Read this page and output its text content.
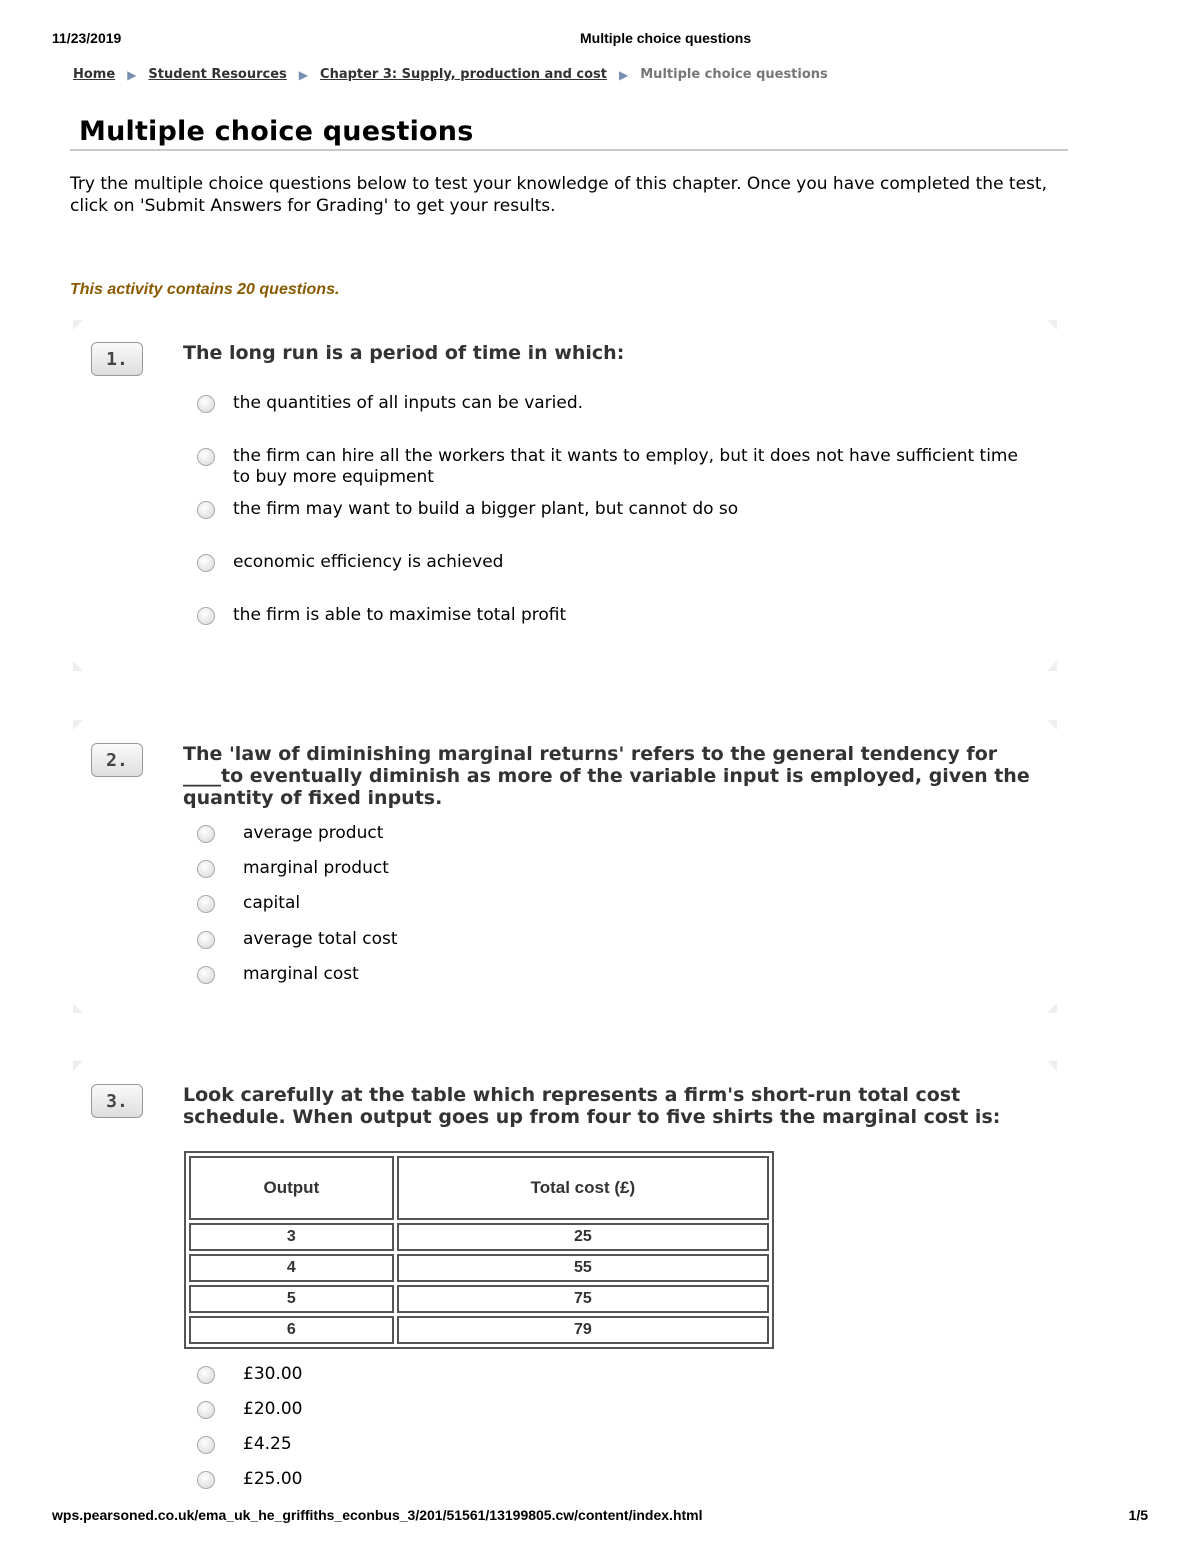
11/23/2019	Multiple choice questions
Home ▶ Student Resources ▶ Chapter 3: Supply, production and cost ▶ Multiple choice questions
Multiple choice questions

Try the multiple choice questions below to test your knowledge of this chapter. Once you have completed the test, click on 'Submit Answers for Grading' to get your results.

This activity contains 20 questions.
1.	The long run is a period of time in which:

the quantities of all inputs can be varied.
the firm can hire all the workers that it wants to employ, but it does not have sufficient time to buy more equipment
the firm may want to build a bigger plant, but cannot do so
economic efficiency is achieved
the firm is able to maximise total profit
2.	The 'law of diminishing marginal returns' refers to the general tendency for ____to eventually diminish as more of the variable input is employed, given the quantity of fixed inputs.

average product
marginal product
capital
average total cost
marginal cost
3.	Look carefully at the table which represents a firm's short-run total cost schedule. When output goes up from four to five shirts the marginal cost is:

Output	Total cost (£)
3	25
4	55
5	75
6	79
£30.00
£20.00
£4.25
£25.00
wps.pearsoned.co.uk/ema_uk_he_griffiths_econbus_3/201/51561/13199805.cw/content/index.html	1/5
